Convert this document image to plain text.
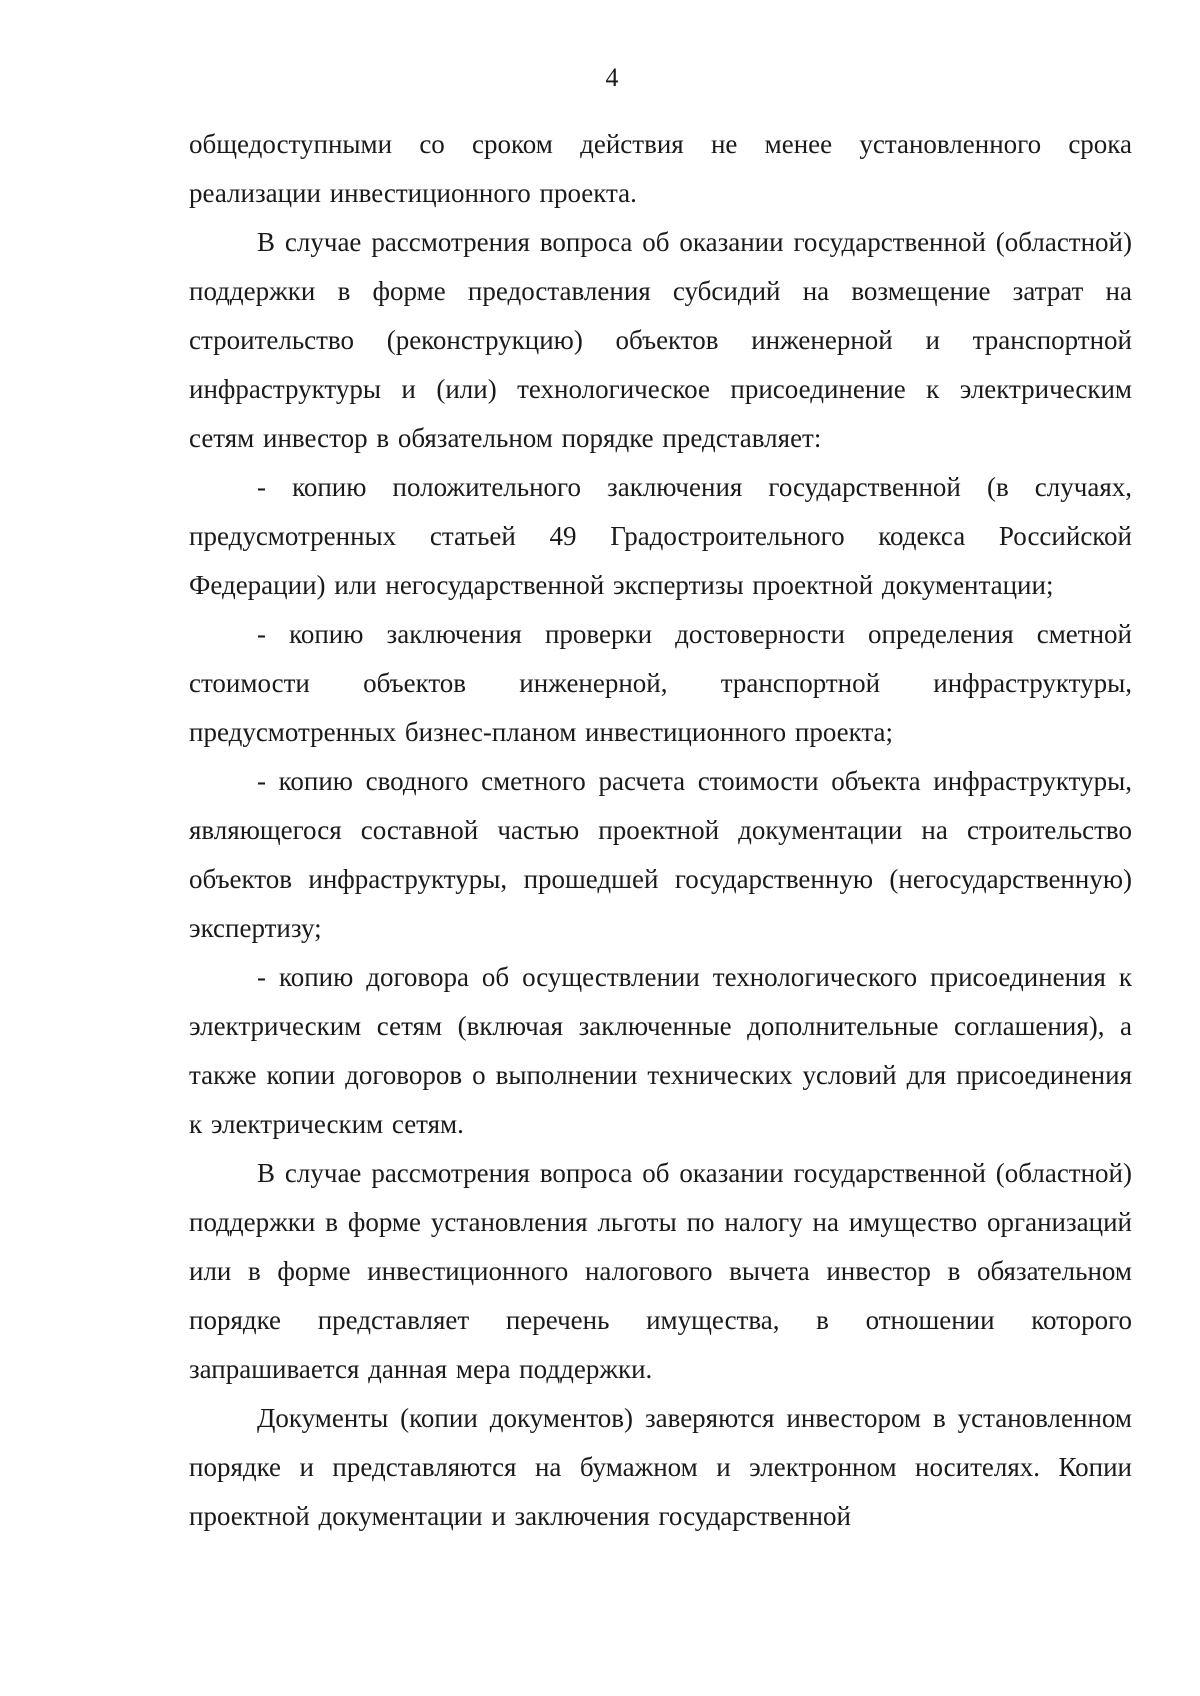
4

общедоступными со сроком действия не менее установленного срока реализации инвестиционного проекта.

В случае рассмотрения вопроса об оказании государственной (областной) поддержки в форме предоставления субсидий на возмещение затрат на строительство (реконструкцию) объектов инженерной и транспортной инфраструктуры и (или) технологическое присоединение к электрическим сетям инвестор в обязательном порядке представляет:

- копию положительного заключения государственной (в случаях, предусмотренных статьей 49 Градостроительного кодекса Российской Федерации) или негосударственной экспертизы проектной документации;

- копию заключения проверки достоверности определения сметной стоимости объектов инженерной, транспортной инфраструктуры, предусмотренных бизнес-планом инвестиционного проекта;

- копию сводного сметного расчета стоимости объекта инфраструктуры, являющегося составной частью проектной документации на строительство объектов инфраструктуры, прошедшей государственную (негосударственную) экспертизу;

- копию договора об осуществлении технологического присоединения к электрическим сетям (включая заключенные дополнительные соглашения), а также копии договоров о выполнении технических условий для присоединения к электрическим сетям.

В случае рассмотрения вопроса об оказании государственной (областной) поддержки в форме установления льготы по налогу на имущество организаций или в форме инвестиционного налогового вычета инвестор в обязательном порядке представляет перечень имущества, в отношении которого запрашивается данная мера поддержки.

Документы (копии документов) заверяются инвестором в установленном порядке и представляются на бумажном и электронном носителях. Копии проектной документации и заключения государственной
